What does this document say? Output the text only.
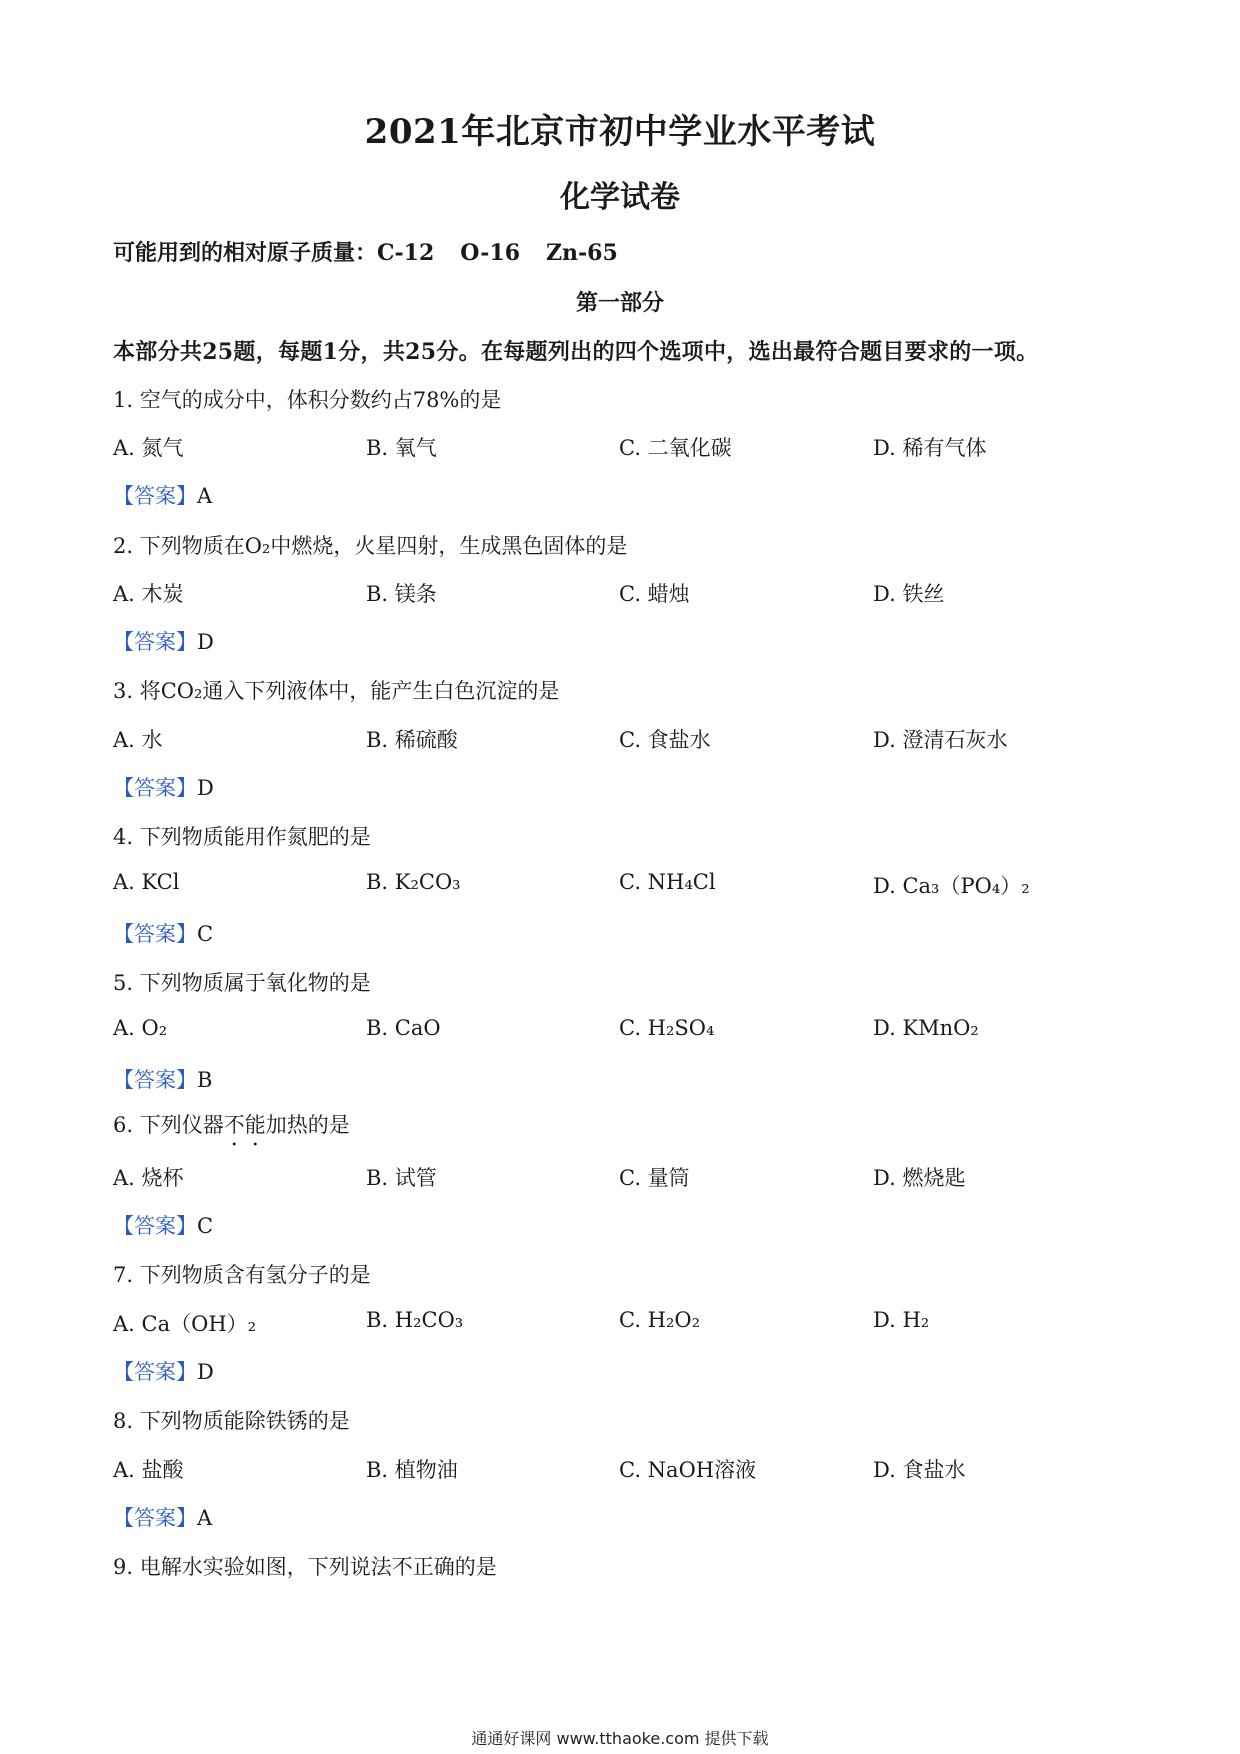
2021年北京市初中学业水平考试
化学试卷
可能用到的相对原子质量：C-12 O-16 Zn-65
第一部分
本部分共25题，每题1分，共25分。在每题列出的四个选项中，选出最符合题目要求的一项。
1. 空气的成分中，体积分数约占78%的是
A. 氮气	B. 氧气	C. 二氧化碳	D. 稀有气体
【答案】A
2. 下列物质在O₂中燃烧，火星四射，生成黑色固体的是
A. 木炭	B. 镁条	C. 蜡烛	D. 铁丝
【答案】D
3. 将CO₂通入下列液体中，能产生白色沉淀的是
A. 水	B. 稀硫酸	C. 食盐水	D. 澄清石灰水
【答案】D
4. 下列物质能用作氮肥的是
A. KCl	B. K₂CO₃	C. NH₄Cl	D. Ca₃（PO₄）₂
【答案】C
5. 下列物质属于氧化物的是
A. O₂	B. CaO	C. H₂SO₄	D. KMnO₂
【答案】B
6. 下列仪器不能加热的是
A. 烧杯	B. 试管	C. 量筒	D. 燃烧匙
【答案】C
7. 下列物质含有氢分子的是
A. Ca（OH）₂	B. H₂CO₃	C. H₂O₂	D. H₂
【答案】D
8. 下列物质能除铁锈的是
A. 盐酸	B. 植物油	C. NaOH溶液	D. 食盐水
【答案】A
9. 电解水实验如图，下列说法不正确的是
通通好课网 www.tthaoke.com 提供下载
